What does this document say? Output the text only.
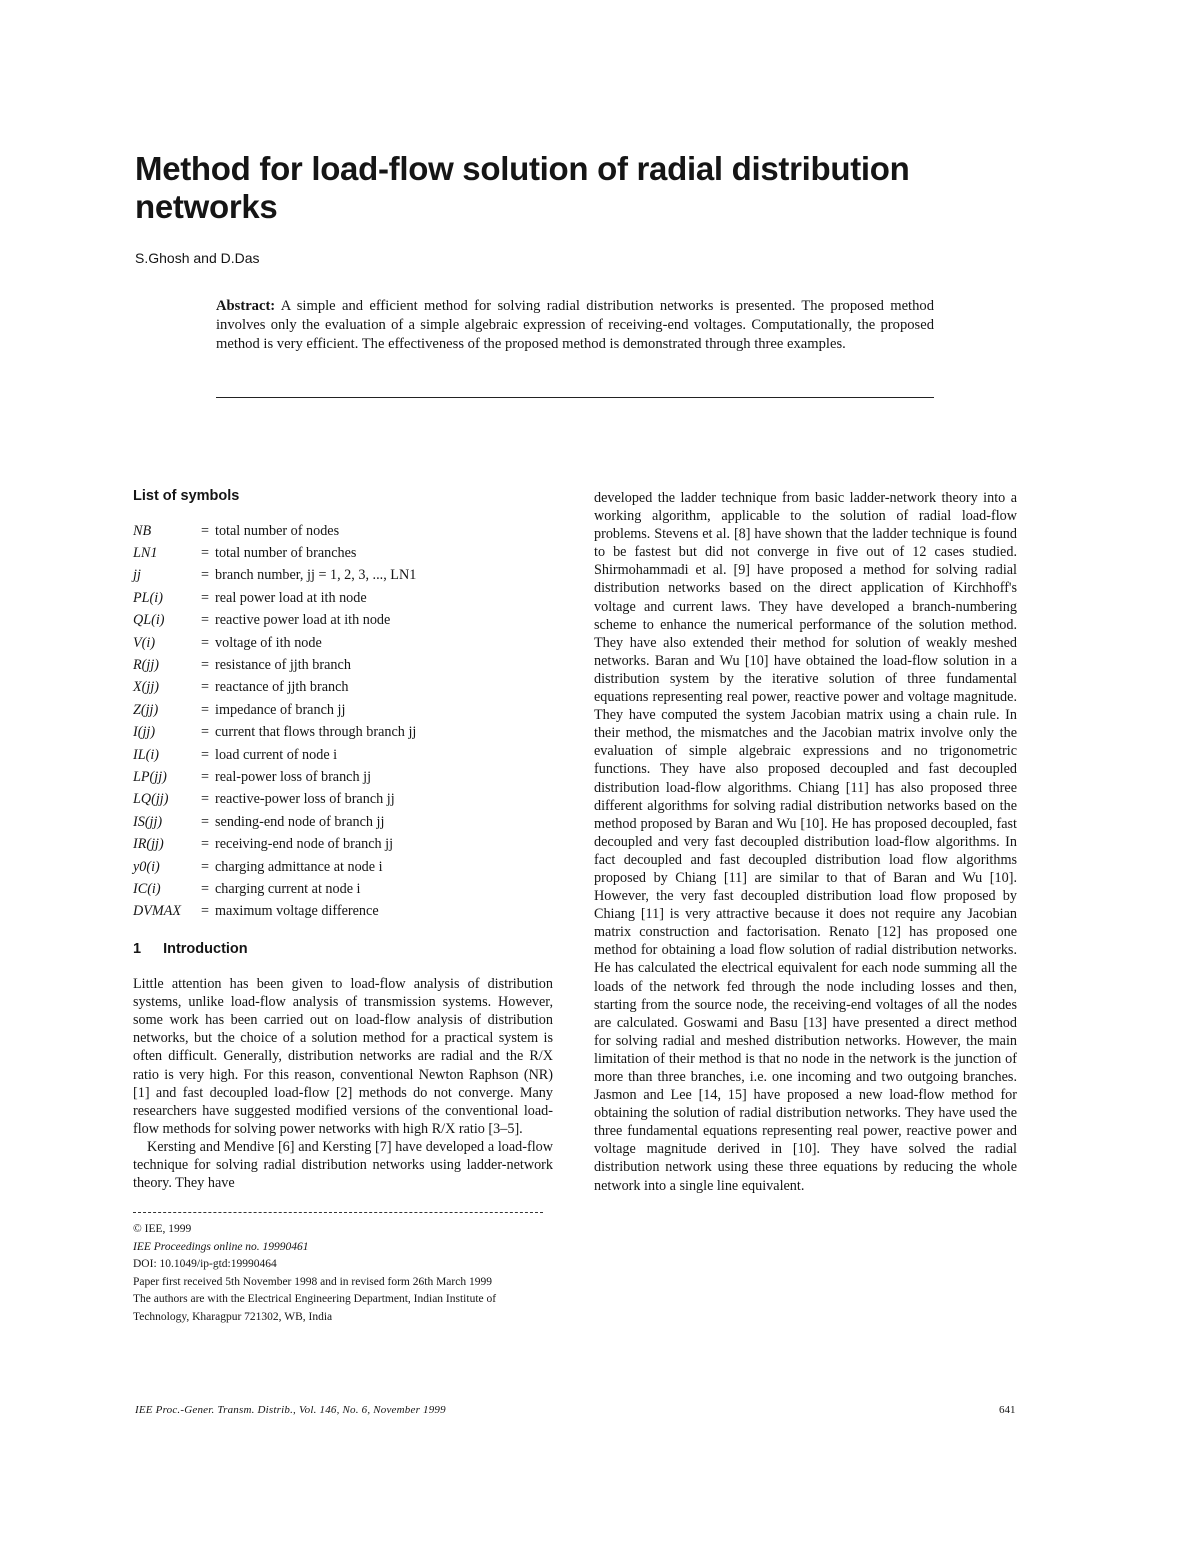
Method for load-flow solution of radial distribution networks
S.Ghosh and D.Das
Abstract: A simple and efficient method for solving radial distribution networks is presented. The proposed method involves only the evaluation of a simple algebraic expression of receiving-end voltages. Computationally, the proposed method is very efficient. The effectiveness of the proposed method is demonstrated through three examples.
List of symbols
NB	= total number of nodes
LN1	= total number of branches
jj	= branch number, jj = 1, 2, 3, ..., LN1
PL(i)	= real power load at ith node
QL(i)	= reactive power load at ith node
V(i)	= voltage of ith node
R(jj)	= resistance of jjth branch
X(jj)	= reactance of jjth branch
Z(jj)	= impedance of branch jj
I(jj)	= current that flows through branch jj
IL(i)	= load current of node i
LP(jj)	= real-power loss of branch jj
LQ(jj)	= reactive-power loss of branch jj
IS(jj)	= sending-end node of branch jj
IR(jj)	= receiving-end node of branch jj
y0(i)	= charging admittance at node i
IC(i)	= charging current at node i
DVMAX	= maximum voltage difference
1 Introduction

Little attention has been given to load-flow analysis of distribution systems, unlike load-flow analysis of transmission systems. However, some work has been carried out on load-flow analysis of distribution networks, but the choice of a solution method for a practical system is often difficult. Generally, distribution networks are radial and the R/X ratio is very high. For this reason, conventional Newton Raphson (NR) [1] and fast decoupled load-flow [2] methods do not converge. Many researchers have suggested modified versions of the conventional load-flow methods for solving power networks with high R/X ratio [3–5].

Kersting and Mendive [6] and Kersting [7] have developed a load-flow technique for solving radial distribution networks using ladder-network theory. They have

© IEE, 1999
IEE Proceedings online no. 19990461
DOI: 10.1049/ip-gtd:19990464
Paper first received 5th November 1998 and in revised form 26th March 1999
The authors are with the Electrical Engineering Department, Indian Institute of
Technology, Kharagpur 721302, WB, India
developed the ladder technique from basic ladder-network theory into a working algorithm, applicable to the solution of radial load-flow problems. Stevens et al. [8] have shown that the ladder technique is found to be fastest but did not converge in five out of 12 cases studied. Shirmohammadi et al. [9] have proposed a method for solving radial distribution networks based on the direct application of Kirchhoff's voltage and current laws. They have developed a branch-numbering scheme to enhance the numerical performance of the solution method. They have also extended their method for solution of weakly meshed networks. Baran and Wu [10] have obtained the load-flow solution in a distribution system by the iterative solution of three fundamental equations representing real power, reactive power and voltage magnitude. They have computed the system Jacobian matrix using a chain rule. In their method, the mismatches and the Jacobian matrix involve only the evaluation of simple algebraic expressions and no trigonometric functions. They have also proposed decoupled and fast decoupled distribution load-flow algorithms. Chiang [11] has also proposed three different algorithms for solving radial distribution networks based on the method proposed by Baran and Wu [10]. He has proposed decoupled, fast decoupled and very fast decoupled distribution load-flow algorithms. In fact decoupled and fast decoupled distribution load flow algorithms proposed by Chiang [11] are similar to that of Baran and Wu [10]. However, the very fast decoupled distribution load flow proposed by Chiang [11] is very attractive because it does not require any Jacobian matrix construction and factorisation. Renato [12] has proposed one method for obtaining a load flow solution of radial distribution networks. He has calculated the electrical equivalent for each node summing all the loads of the network fed through the node including losses and then, starting from the source node, the receiving-end voltages of all the nodes are calculated. Goswami and Basu [13] have presented a direct method for solving radial and meshed distribution networks. However, the main limitation of their method is that no node in the network is the junction of more than three branches, i.e. one incoming and two outgoing branches. Jasmon and Lee [14, 15] have proposed a new load-flow method for obtaining the solution of radial distribution networks. They have used the three fundamental equations representing real power, reactive power and voltage magnitude derived in [10]. They have solved the radial distribution network using these three equations by reducing the whole network into a single line equivalent.
IEE Proc.-Gener. Transm. Distrib., Vol. 146, No. 6, November 1999	641
